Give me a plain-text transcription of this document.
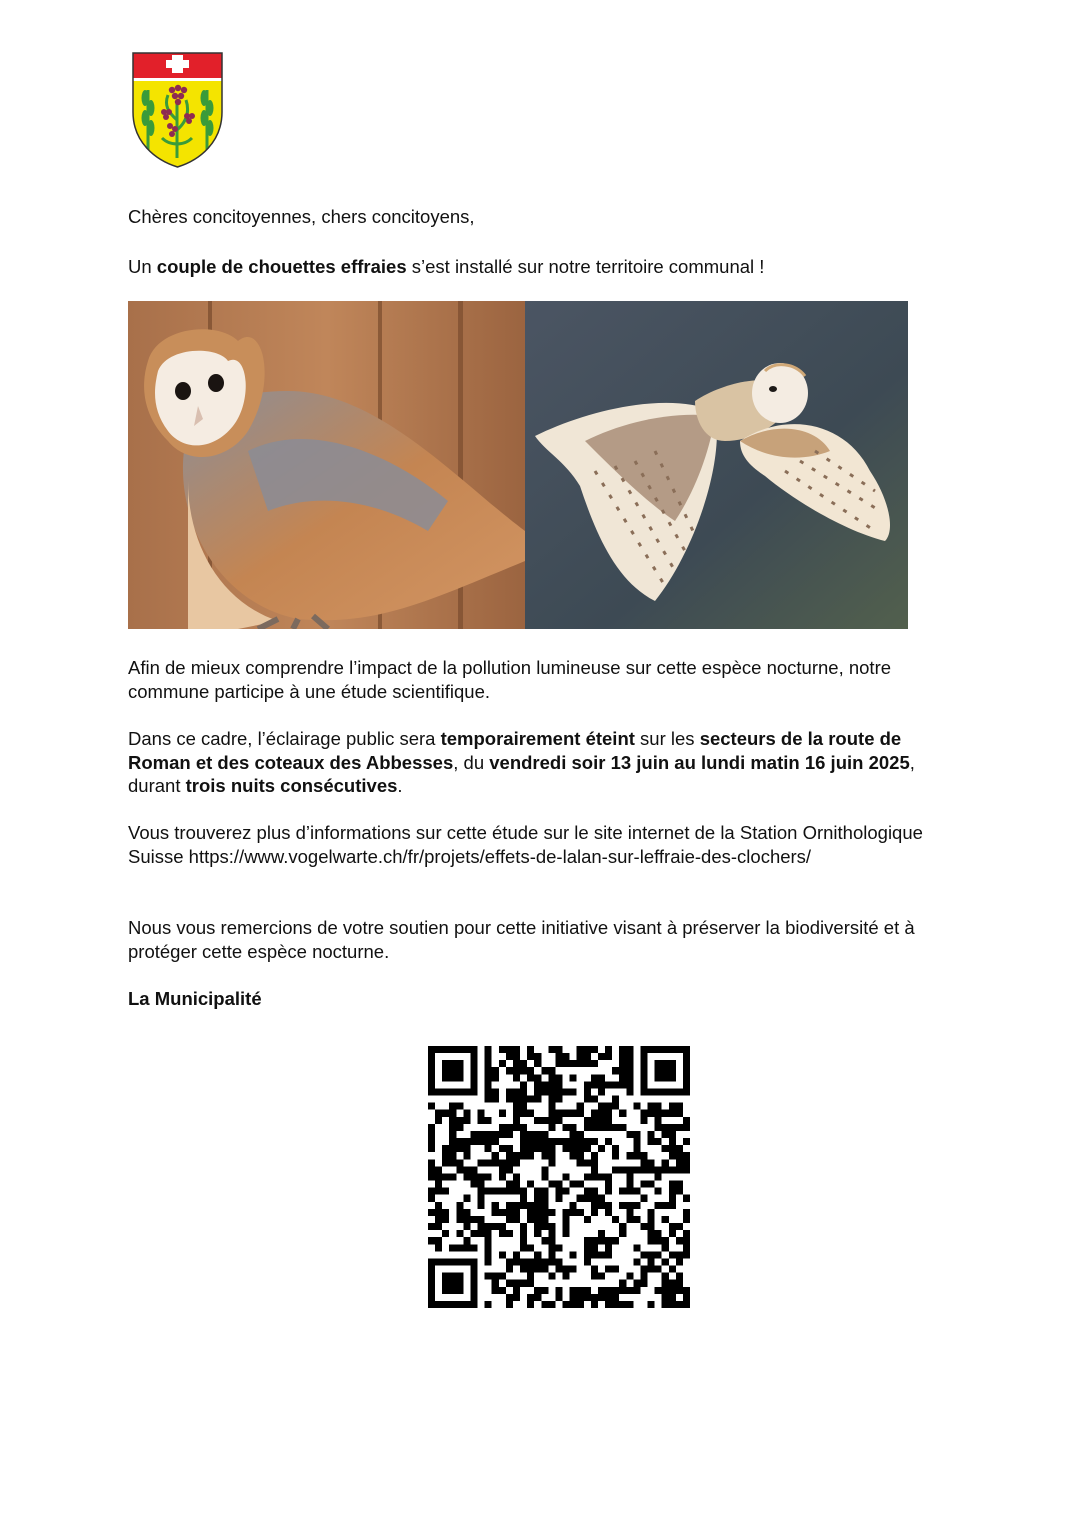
Chères concitoyennes, chers concitoyens,
Un couple de chouettes effraies s’est installé sur notre territoire communal !
Afin de mieux comprendre l’impact de la pollution lumineuse sur cette espèce nocturne, notre commune participe à une étude scientifique.
Dans ce cadre, l’éclairage public sera temporairement éteint sur les secteurs de la route de Roman et des coteaux des Abbesses, du vendredi soir 13 juin au lundi matin 16 juin 2025, durant trois nuits consécutives.
Vous trouverez plus d’informations sur cette étude sur le site internet de la Station Ornithologique Suisse https://www.vogelwarte.ch/fr/projets/effets-de-lalan-sur-leffraie-des-clochers/
Nous vous remercions de votre soutien pour cette initiative visant à préserver la biodiversité et à protéger cette espèce nocturne.
La Municipalité
